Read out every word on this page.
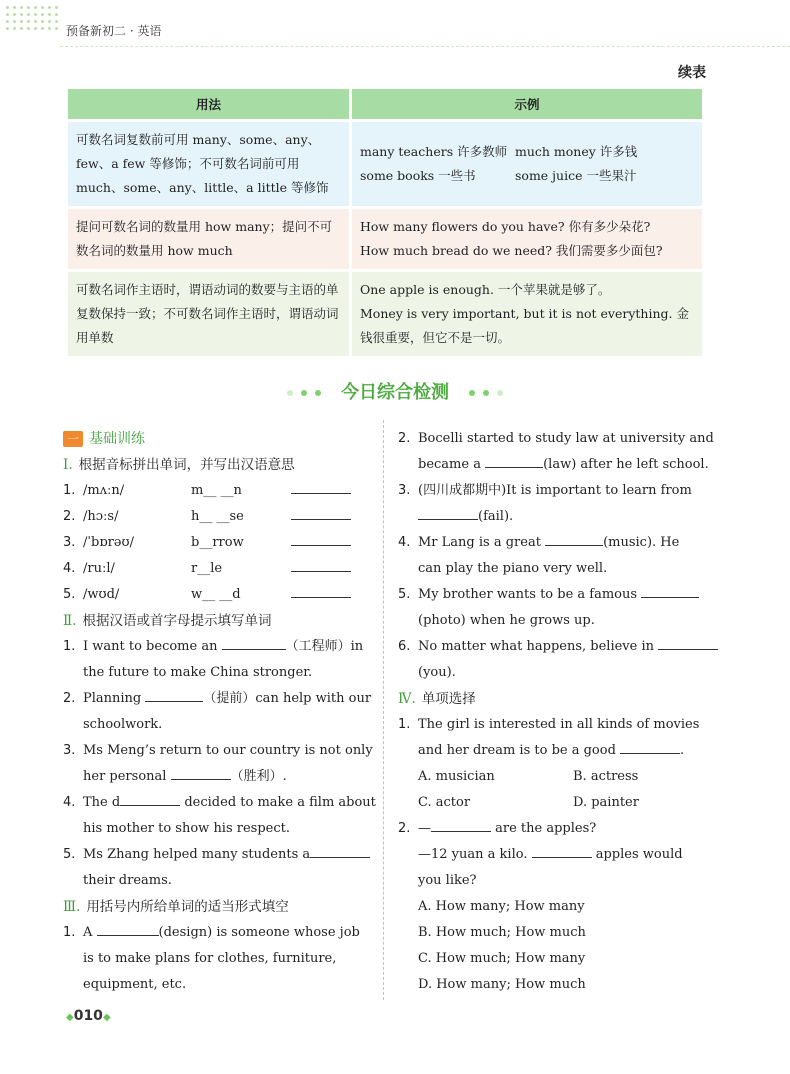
预备新初二 · 英语
续表
用法	示例
可数名词复数前可用 many、some、any、few、a few 等修饰；不可数名词前可用 much、some、any、little、a little 等修饰	many teachers 许多教师 much money 许多钱
some books 一些书 some juice 一些果汁

提问可数名词的数量用 how many；提问不可数名词的数量用 how much	How many flowers do you have? 你有多少朵花?
How much bread do we need? 我们需要多少面包?

可数名词作主语时，谓语动词的数要与主语的单复数保持一致；不可数名词作主语时，谓语动词用单数	One apple is enough. 一个苹果就是够了。
Money is very important, but it is not everything. 金钱很重要，但它不是一切。
今日综合检测
一 基础训练
Ⅰ. 根据音标拼出单词，并写出汉语意思
1. /mʌːn/	m__ __n
2. /hɔːs/	h__ __se
3. /ˈbɒrəʊ/	b__rrow
4. /ruːl/	r__le
5. /wʊd/	w__ __d
Ⅱ. 根据汉语或首字母提示填写单词
1. I want to become an	（工程师）in
the future to make China stronger.
2. Planning	（提前）can help with our
schoolwork.
3. Ms Meng’s return to our country is not only
her personal	（胜利）.
4. The d	decided to make a film about
his mother to show his respect.
5. Ms Zhang helped many students a
their dreams.
Ⅲ. 用括号内所给单词的适当形式填空
1. A	(design) is someone whose job
is to make plans for clothes, furniture,
equipment, etc.
2. Bocelli started to study law at university and
became a	(law) after he left school.
3. (四川成都期中)It is important to learn from
(fail).
4. Mr Lang is a great	(music). He
can play the piano very well.
5. My brother wants to be a famous
(photo) when he grows up.
6. No matter what happens, believe in
(you).
Ⅳ. 单项选择
1. The girl is interested in all kinds of movies
and her dream is to be a good	.
A. musician	B. actress
C. actor	D. painter
2. —	are the apples?
—12 yuan a kilo.	apples would
you like?
A. How many; How many
B. How much; How much
C. How much; How many
D. How many; How much
◆010◆
